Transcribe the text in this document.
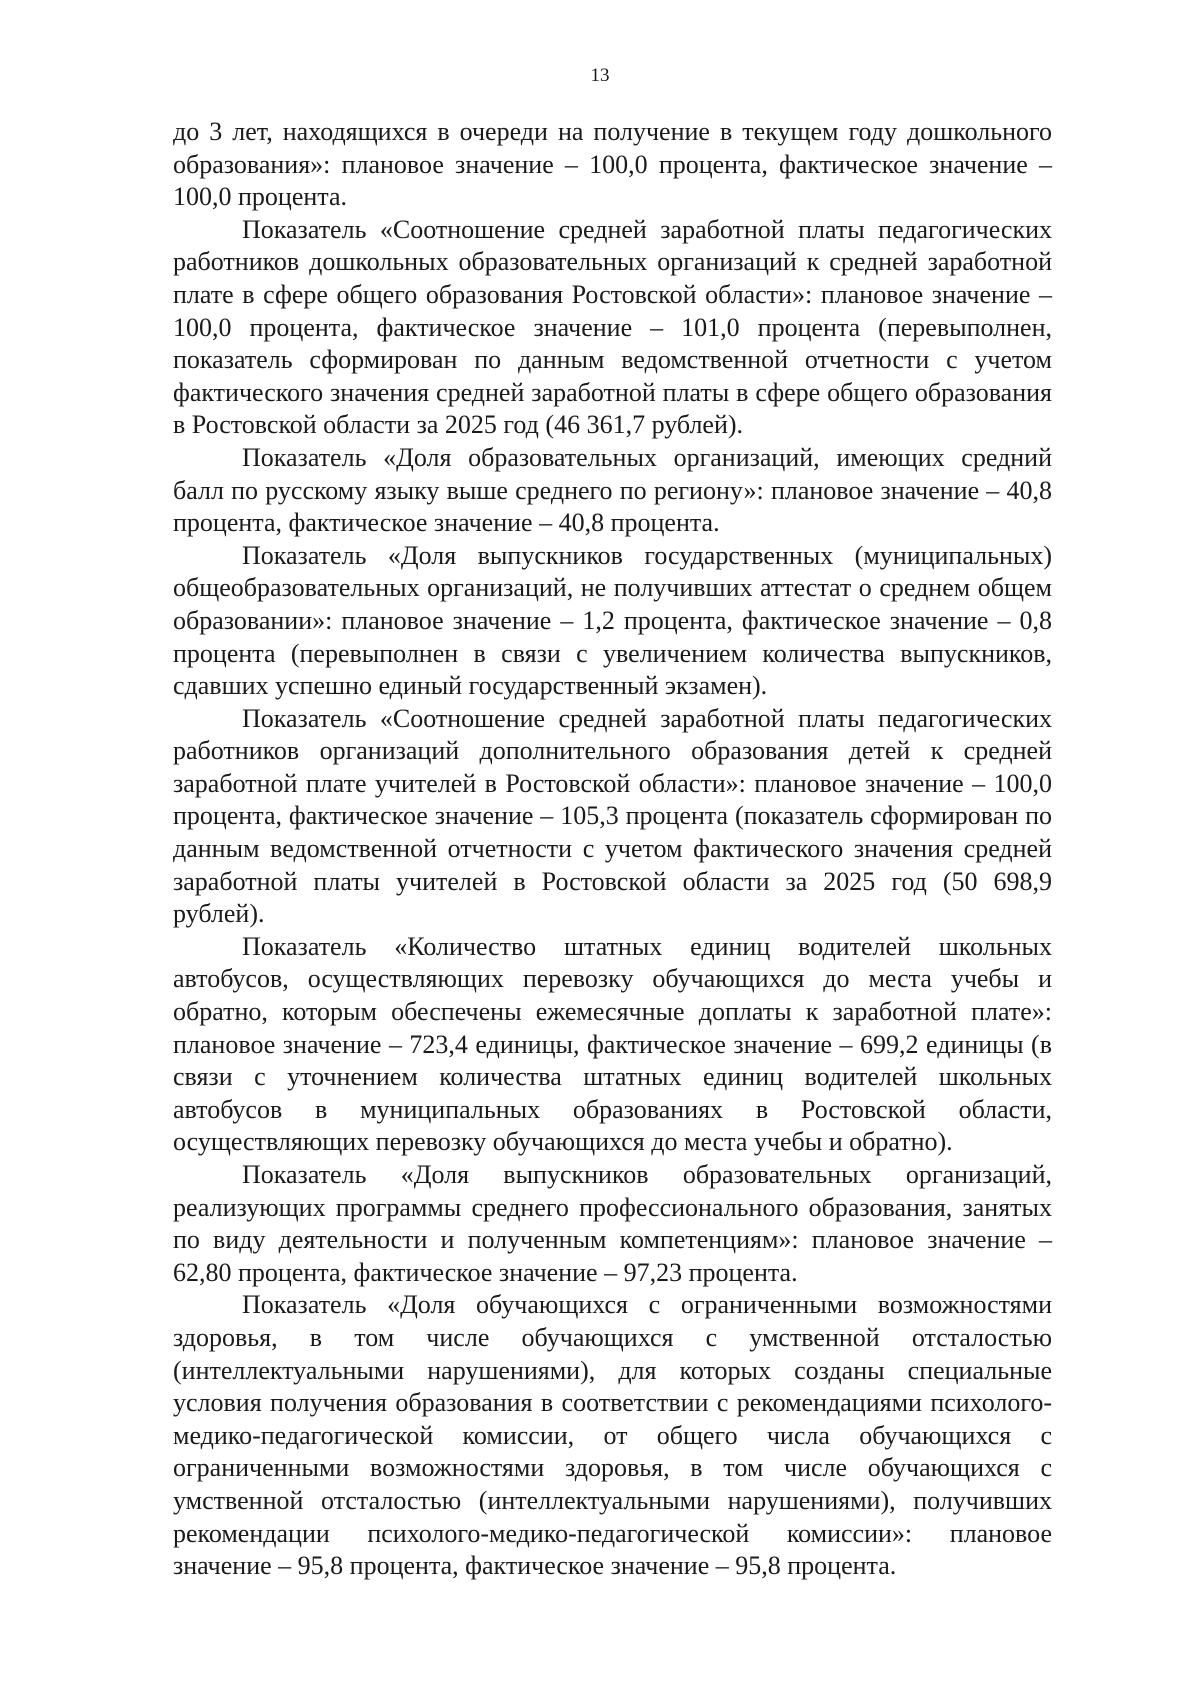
13

до 3 лет, находящихся в очереди на получение в текущем году дошкольного образования»: плановое значение – 100,0 процента, фактическое значение – 100,0 процента.

Показатель «Соотношение средней заработной платы педагогических работников дошкольных образовательных организаций к средней заработной плате в сфере общего образования Ростовской области»: плановое значение – 100,0 процента, фактическое значение – 101,0 процента (перевыполнен, показатель сформирован по данным ведомственной отчетности с учетом фактического значения средней заработной платы в сфере общего образования в Ростовской области за 2025 год (46 361,7 рублей).

Показатель «Доля образовательных организаций, имеющих средний балл по русскому языку выше среднего по региону»: плановое значение – 40,8 процента, фактическое значение – 40,8 процента.

Показатель «Доля выпускников государственных (муниципальных) общеобразовательных организаций, не получивших аттестат о среднем общем образовании»: плановое значение – 1,2 процента, фактическое значение – 0,8 процента (перевыполнен в связи с увеличением количества выпускников, сдавших успешно единый государственный экзамен).

Показатель «Соотношение средней заработной платы педагогических работников организаций дополнительного образования детей к средней заработной плате учителей в Ростовской области»: плановое значение – 100,0 процента, фактическое значение – 105,3 процента (показатель сформирован по данным ведомственной отчетности с учетом фактического значения средней заработной платы учителей в Ростовской области за 2025 год (50 698,9 рублей).

Показатель «Количество штатных единиц водителей школьных автобусов, осуществляющих перевозку обучающихся до места учебы и обратно, которым обеспечены ежемесячные доплаты к заработной плате»: плановое значение – 723,4 единицы, фактическое значение – 699,2 единицы (в связи с уточнением количества штатных единиц водителей школьных автобусов в муниципальных образованиях в Ростовской области, осуществляющих перевозку обучающихся до места учебы и обратно).

Показатель «Доля выпускников образовательных организаций, реализующих программы среднего профессионального образования, занятых по виду деятельности и полученным компетенциям»: плановое значение – 62,80 процента, фактическое значение – 97,23 процента.

Показатель «Доля обучающихся с ограниченными возможностями здоровья, в том числе обучающихся с умственной отсталостью (интеллектуальными нарушениями), для которых созданы специальные условия получения образования в соответствии с рекомендациями психолого-медико-педагогической комиссии, от общего числа обучающихся с ограниченными возможностями здоровья, в том числе обучающихся с умственной отсталостью (интеллектуальными нарушениями), получивших рекомендации психолого-медико-педагогической комиссии»: плановое значение – 95,8 процента, фактическое значение – 95,8 процента.
